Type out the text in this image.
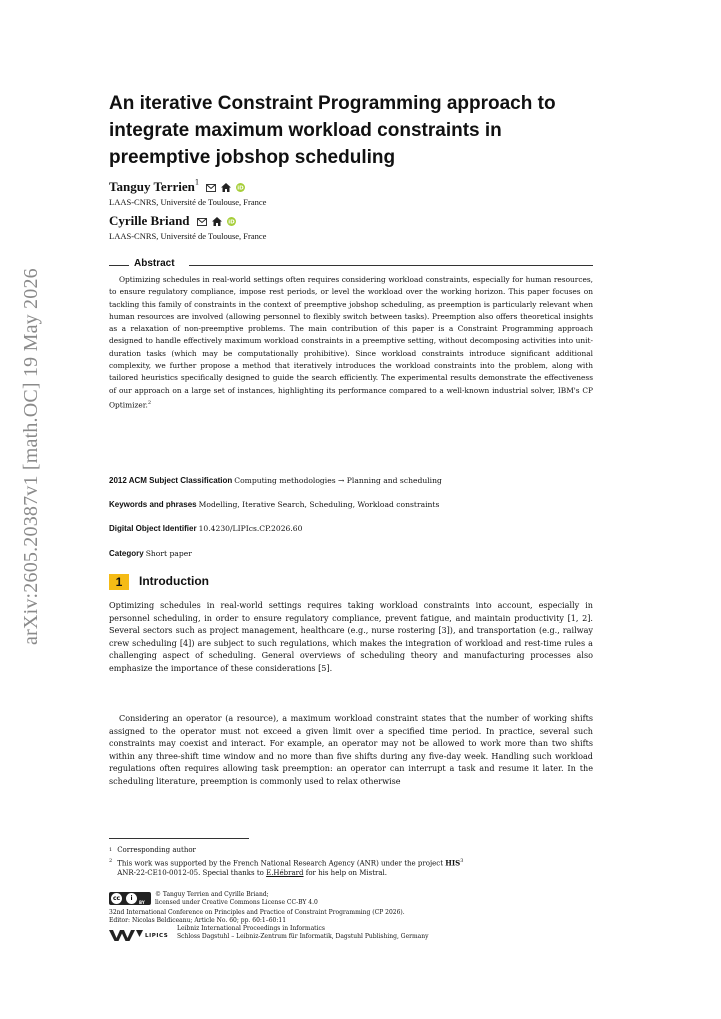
arXiv:2605.20387v1 [math.OC] 19 May 2026
An iterative Constraint Programming approach to integrate maximum workload constraints in preemptive jobshop scheduling
Tanguy Terrien$^1$
iD
LAAS-CNRS, Université de Toulouse, France
Cyrille Briand	iD
LAAS-CNRS, Université de Toulouse, France
Abstract

Optimizing schedules in real-world settings often requires considering workload constraints, especially for human resources, to ensure regulatory compliance, impose rest periods, or level the workload over the working horizon. This paper focuses on tackling this family of constraints in the context of preemptive jobshop scheduling, as preemption is particularly relevant when human resources are involved (allowing personnel to flexibly switch between tasks). Preemption also offers theoretical insights as a relaxation of non-preemptive problems. The main contribution of this paper is a Constraint Programming approach designed to handle effectively maximum workload constraints in a preemptive setting, without decomposing activities into unit-duration tasks (which may be computationally prohibitive). Since workload constraints introduce significant additional complexity, we further propose a method that iteratively introduces the workload constraints into the problem, along with tailored heuristics specifically designed to guide the search efficiently. The experimental results demonstrate the effectiveness of our approach on a large set of instances, highlighting its performance compared to a well-known industrial solver, IBM's CP Optimizer.$^2$

2012 ACM Subject Classification Computing methodologies → Planning and scheduling
Keywords and phrases Modelling, Iterative Search, Scheduling, Workload constraints
Digital Object Identifier 10.4230/LIPIcs.CP.2026.60
Category Short paper
1 Introduction

Optimizing schedules in real-world settings requires taking workload constraints into account, especially in personnel scheduling, in order to ensure regulatory compliance, prevent fatigue, and maintain productivity [1, 2]. Several sectors such as project management, healthcare (e.g., nurse rostering [3]), and transportation (e.g., railway crew scheduling [4]) are subject to such regulations, which makes the integration of workload and rest-time rules a challenging aspect of scheduling. General overviews of scheduling theory and manufacturing processes also emphasize the importance of these considerations [5].

Considering an operator (a resource), a maximum workload constraint states that the number of working shifts assigned to the operator must not exceed a given limit over a specified time period. In practice, several such constraints may coexist and interact. For example, an operator may not be allowed to work more than two shifts within any three-shift time window and no more than five shifts during any five-day week. Handling such workload regulations often requires allowing task preemption: an operator can interrupt a task and resume it later. In the scheduling literature, preemption is commonly used to relax otherwise

$^1$ Corresponding author
$^2$ This work was supported by the French National Research Agency (ANR) under the project HIS$^3$
ANR-22-CE10-0012-05. Special thanks to E.Hébrard for his help on Mistral.
cc	i
BY
© Tanguy Terrien and Cyrille Briand;
licensed under Creative Commons License CC-BY 4.0
32nd International Conference on Principles and Practice of Constraint Programming (CP 2026).
Editor: Nicolas Beldiceanu; Article No. 60; pp. 60:1–60:11
LIPICS
Leibniz International Proceedings in Informatics
Schloss Dagstuhl – Leibniz-Zentrum für Informatik, Dagstuhl Publishing, Germany
